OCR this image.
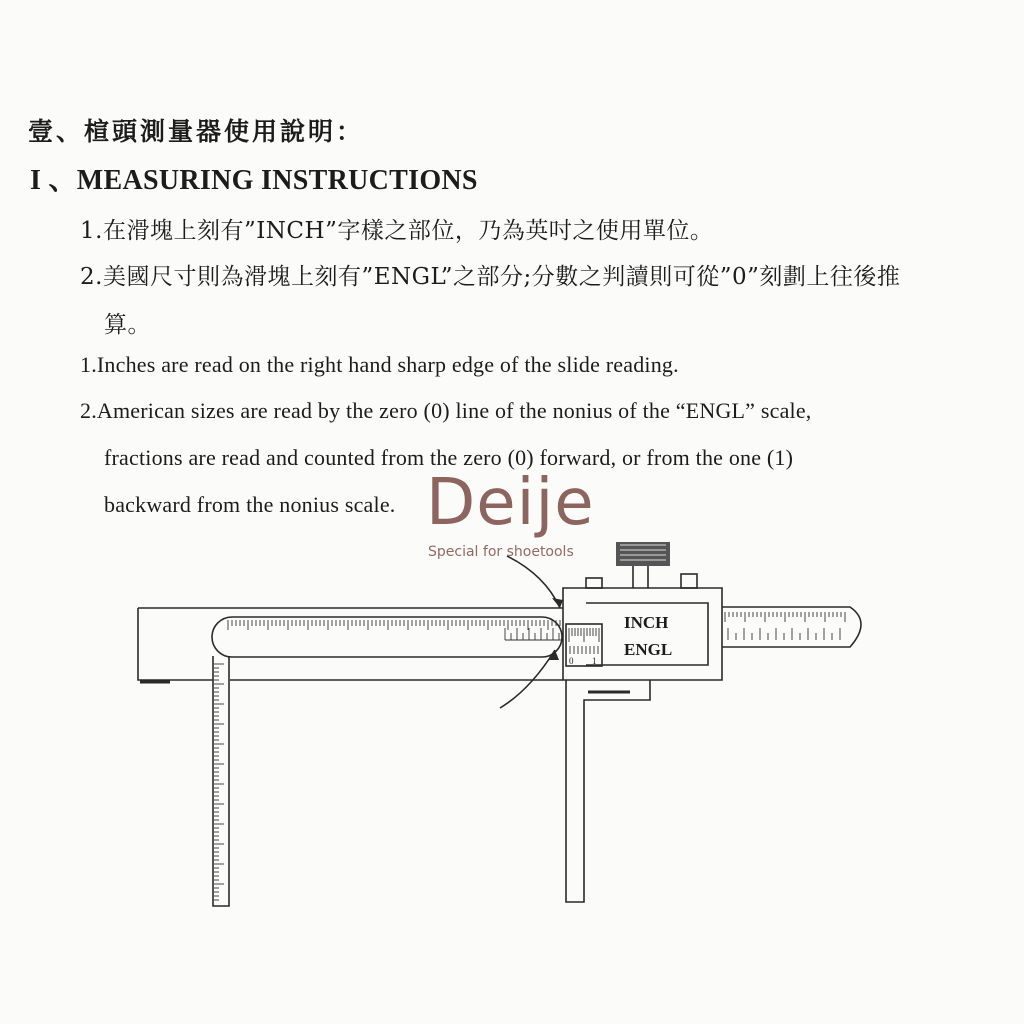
壹、楦頭測量器使用說明：
I 、MEASURING INSTRUCTIONS
1.在滑塊上刻有”INCH”字樣之部位，乃為英吋之使用單位。
2.美國尺寸則為滑塊上刻有”ENGL”之部分;分數之判讀則可從”0”刻劃上往後推
算。
1.Inches are read on the right hand sharp edge of the slide reading.
2.American sizes are read by the zero (0) line of the nonius of the “ENGL” scale,
fractions are read and counted from the zero (0) forward, or from the one (1)
backward from the nonius scale.
INCH
ENGL
0 1
Deije
Special for shoetools
